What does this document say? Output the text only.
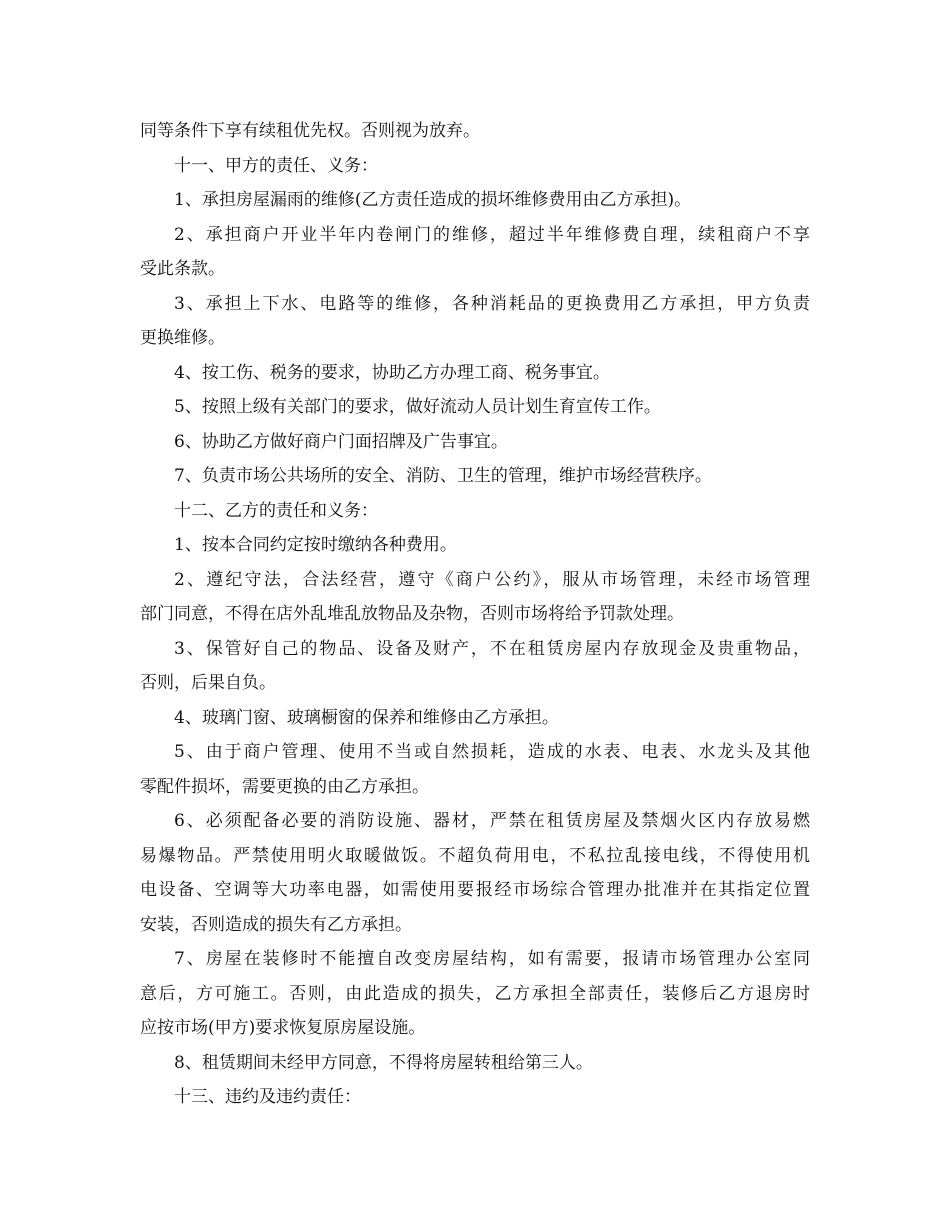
同等条件下享有续租优先权。否则视为放弃。
十一、甲方的责任、义务：
1、承担房屋漏雨的维修(乙方责任造成的损坏维修费用由乙方承担)。
2、承担商户开业半年内卷闸门的维修，超过半年维修费自理，续租商户不享
受此条款。
3、承担上下水、电路等的维修，各种消耗品的更换费用乙方承担，甲方负责
更换维修。
4、按工伤、税务的要求，协助乙方办理工商、税务事宜。
5、按照上级有关部门的要求，做好流动人员计划生育宣传工作。
6、协助乙方做好商户门面招牌及广告事宜。
7、负责市场公共场所的安全、消防、卫生的管理，维护市场经营秩序。
十二、乙方的责任和义务：
1、按本合同约定按时缴纳各种费用。
2、遵纪守法，合法经营，遵守《商户公约》，服从市场管理，未经市场管理
部门同意，不得在店外乱堆乱放物品及杂物，否则市场将给予罚款处理。
3、保管好自己的物品、设备及财产，不在租赁房屋内存放现金及贵重物品，
否则，后果自负。
4、玻璃门窗、玻璃橱窗的保养和维修由乙方承担。
5、由于商户管理、使用不当或自然损耗，造成的水表、电表、水龙头及其他
零配件损坏，需要更换的由乙方承担。
6、必须配备必要的消防设施、器材，严禁在租赁房屋及禁烟火区内存放易燃
易爆物品。严禁使用明火取暖做饭。不超负荷用电，不私拉乱接电线，不得使用机
电设备、空调等大功率电器，如需使用要报经市场综合管理办批准并在其指定位置
安装，否则造成的损失有乙方承担。
7、房屋在装修时不能擅自改变房屋结构，如有需要，报请市场管理办公室同
意后，方可施工。否则，由此造成的损失，乙方承担全部责任，装修后乙方退房时
应按市场(甲方)要求恢复原房屋设施。
8、租赁期间未经甲方同意，不得将房屋转租给第三人。
十三、违约及违约责任：
